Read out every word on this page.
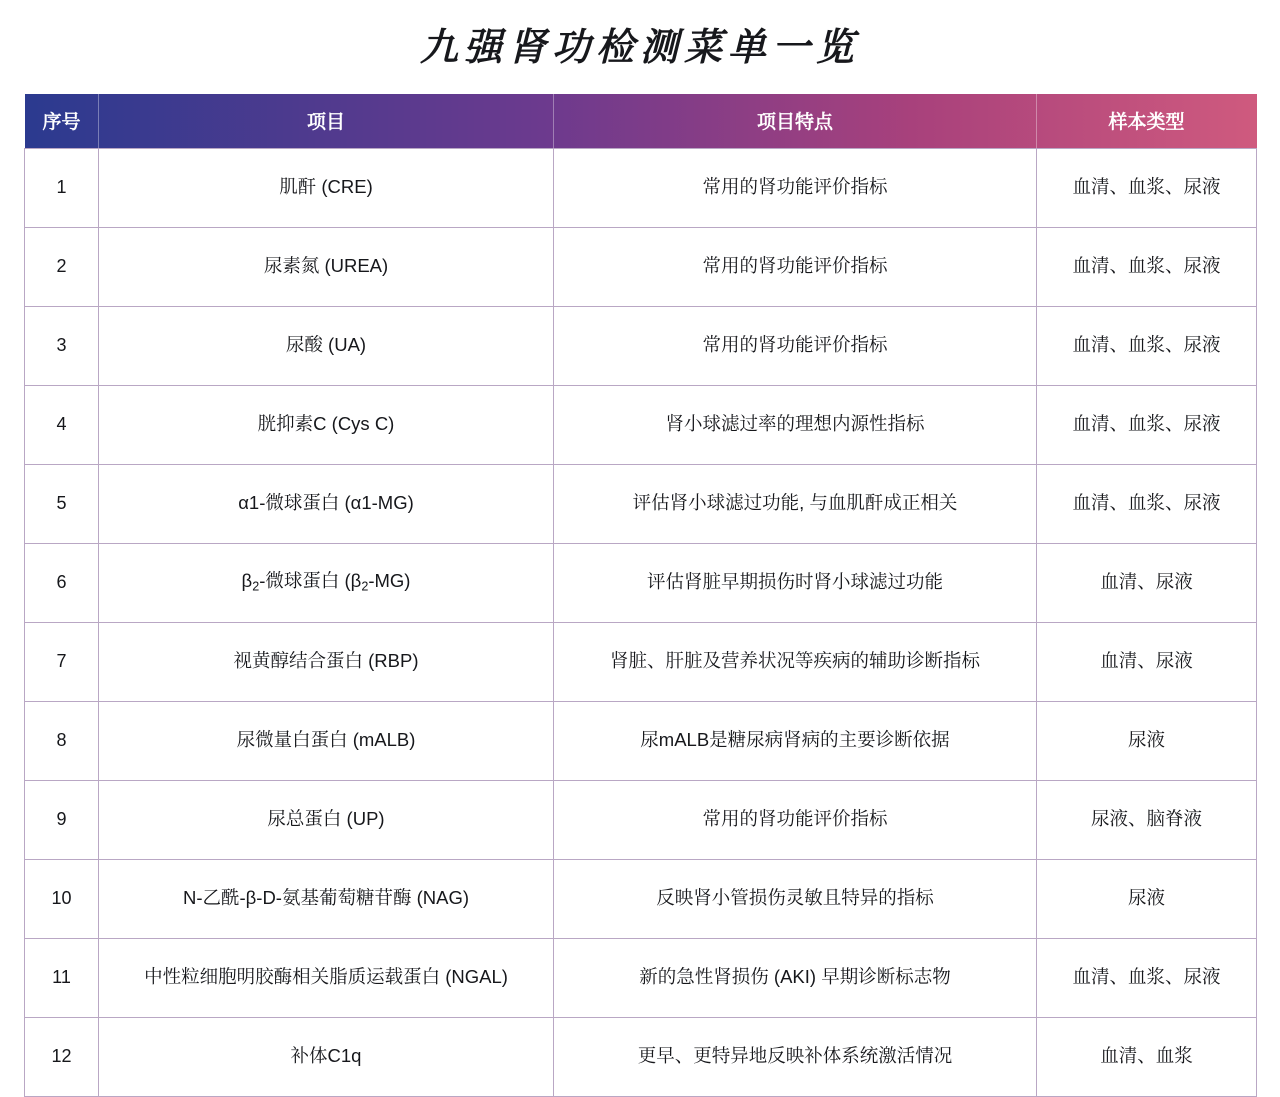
九强肾功检测菜单一览
序号	项目	项目特点	样本类型
1	肌酐 (CRE)	常用的肾功能评价指标	血清、血浆、尿液
2	尿素氮 (UREA)	常用的肾功能评价指标	血清、血浆、尿液
3	尿酸 (UA)	常用的肾功能评价指标	血清、血浆、尿液
4	胱抑素C (Cys C)	肾小球滤过率的理想内源性指标	血清、血浆、尿液
5	α1-微球蛋白 (α1-MG)	评估肾小球滤过功能, 与血肌酐成正相关	血清、血浆、尿液
6	$\beta_2-$微球蛋白 $(\beta_2-MG)$	评估肾脏早期损伤时肾小球滤过功能	血清、尿液
7	视黄醇结合蛋白 (RBP)	肾脏、肝脏及营养状况等疾病的辅助诊断指标	血清、尿液
8	尿微量白蛋白 (mALB)	尿mALB是糖尿病肾病的主要诊断依据	尿液
9	尿总蛋白 (UP)	常用的肾功能评价指标	尿液、脑脊液
10	N-乙酰-β-D-氨基葡萄糖苷酶 (NAG)	反映肾小管损伤灵敏且特异的指标	尿液
11	中性粒细胞明胶酶相关脂质运载蛋白 (NGAL)	新的急性肾损伤 (AKI) 早期诊断标志物	血清、血浆、尿液
12	补体C1q	更早、更特异地反映补体系统激活情况	血清、血浆
